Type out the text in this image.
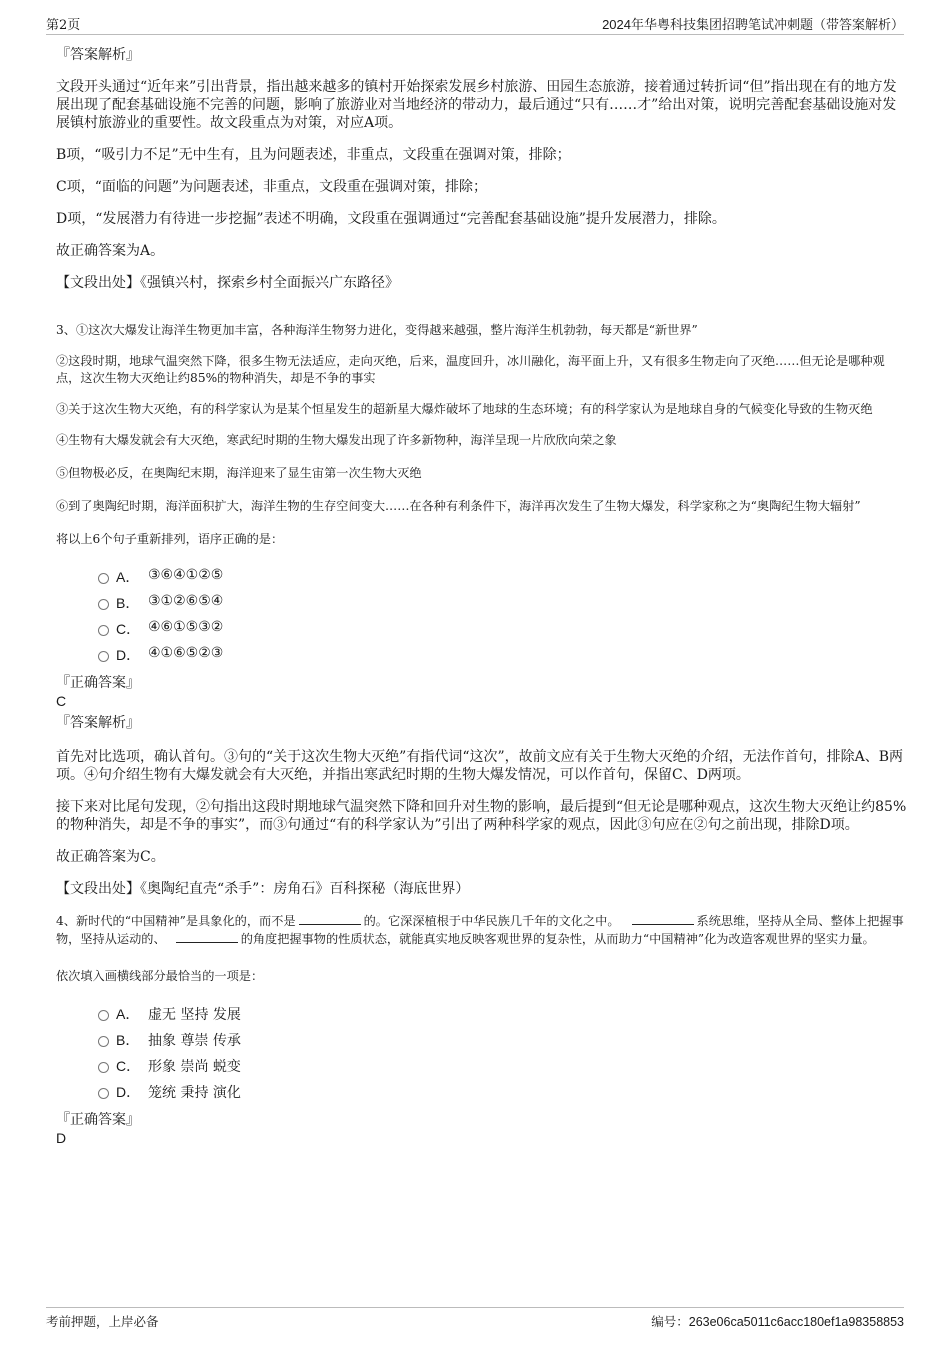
第2页	2024年华粤科技集团招聘笔试冲刺题（带答案解析）

『答案解析』

文段开头通过“近年来”引出背景，指出越来越多的镇村开始探索发展乡村旅游、田园生态旅游，接着通过转折词“但”指出现在有的地方发展出现了配套基础设施不完善的问题，影响了旅游业对当地经济的带动力，最后通过“只有……才”给出对策，说明完善配套基础设施对发展镇村旅游业的重要性。故文段重点为对策，对应A项。

B项，“吸引力不足”无中生有，且为问题表述，非重点，文段重在强调对策，排除；

C项，“面临的问题”为问题表述，非重点，文段重在强调对策，排除；

D项，“发展潜力有待进一步挖掘”表述不明确，文段重在强调通过“完善配套基础设施”提升发展潜力，排除。

故正确答案为A。

【文段出处】《强镇兴村，探索乡村全面振兴广东路径》

3、①这次大爆发让海洋生物更加丰富，各种海洋生物努力进化，变得越来越强，整片海洋生机勃勃，每天都是“新世界”

②这段时期，地球气温突然下降，很多生物无法适应，走向灭绝，后来，温度回升，冰川融化，海平面上升，又有很多生物走向了灭绝……但无论是哪种观点，这次生物大灭绝让约85%的物种消失，却是不争的事实

③关于这次生物大灭绝，有的科学家认为是某个恒星发生的超新星大爆炸破坏了地球的生态环境；有的科学家认为是地球自身的气候变化导致的生物灭绝

④生物有大爆发就会有大灭绝，寒武纪时期的生物大爆发出现了许多新物种，海洋呈现一片欣欣向荣之象

⑤但物极必反，在奥陶纪末期，海洋迎来了显生宙第一次生物大灭绝

⑥到了奥陶纪时期，海洋面积扩大，海洋生物的生存空间变大……在各种有利条件下，海洋再次发生了生物大爆发，科学家称之为“奥陶纪生物大辐射”

将以上6个句子重新排列，语序正确的是：

A． ③⑥④①②⑤
B． ③①②⑥⑤④
C． ④⑥①⑤③②
D． ④①⑥⑤②③

『正确答案』

C

『答案解析』

首先对比选项，确认首句。③句的“关于这次生物大灭绝”有指代词“这次”，故前文应有关于生物大灭绝的介绍，无法作首句，排除A、B两项。④句介绍生物有大爆发就会有大灭绝，并指出寒武纪时期的生物大爆发情况，可以作首句，保留C、D两项。

接下来对比尾句发现，②句指出这段时期地球气温突然下降和回升对生物的影响，最后提到“但无论是哪种观点，这次生物大灭绝让约85%的物种消失，却是不争的事实”，而③句通过“有的科学家认为”引出了两种科学家的观点，因此③句应在②句之前出现，排除D项。

故正确答案为C。

【文段出处】《奥陶纪直壳“杀手”：房角石》百科探秘（海底世界）

4、新时代的“中国精神”是具象化的，而不是	的。它深深植根于中华民族几千年的文化之中。	系统思维，坚持从全局、整体上把握事物，坚持从运动的、	的角度把握事物的性质状态，就能真实地反映客观世界的复杂性，从而助力“中国精神”化为改造客观世界的坚实力量。

依次填入画横线部分最恰当的一项是：

A． 虚无 坚持 发展
B． 抽象 尊崇 传承
C． 形象 崇尚 蜕变
D． 笼统 秉持 演化

『正确答案』

D

考前押题，上岸必备	编号：263e06ca5011c6acc180ef1a98358853
